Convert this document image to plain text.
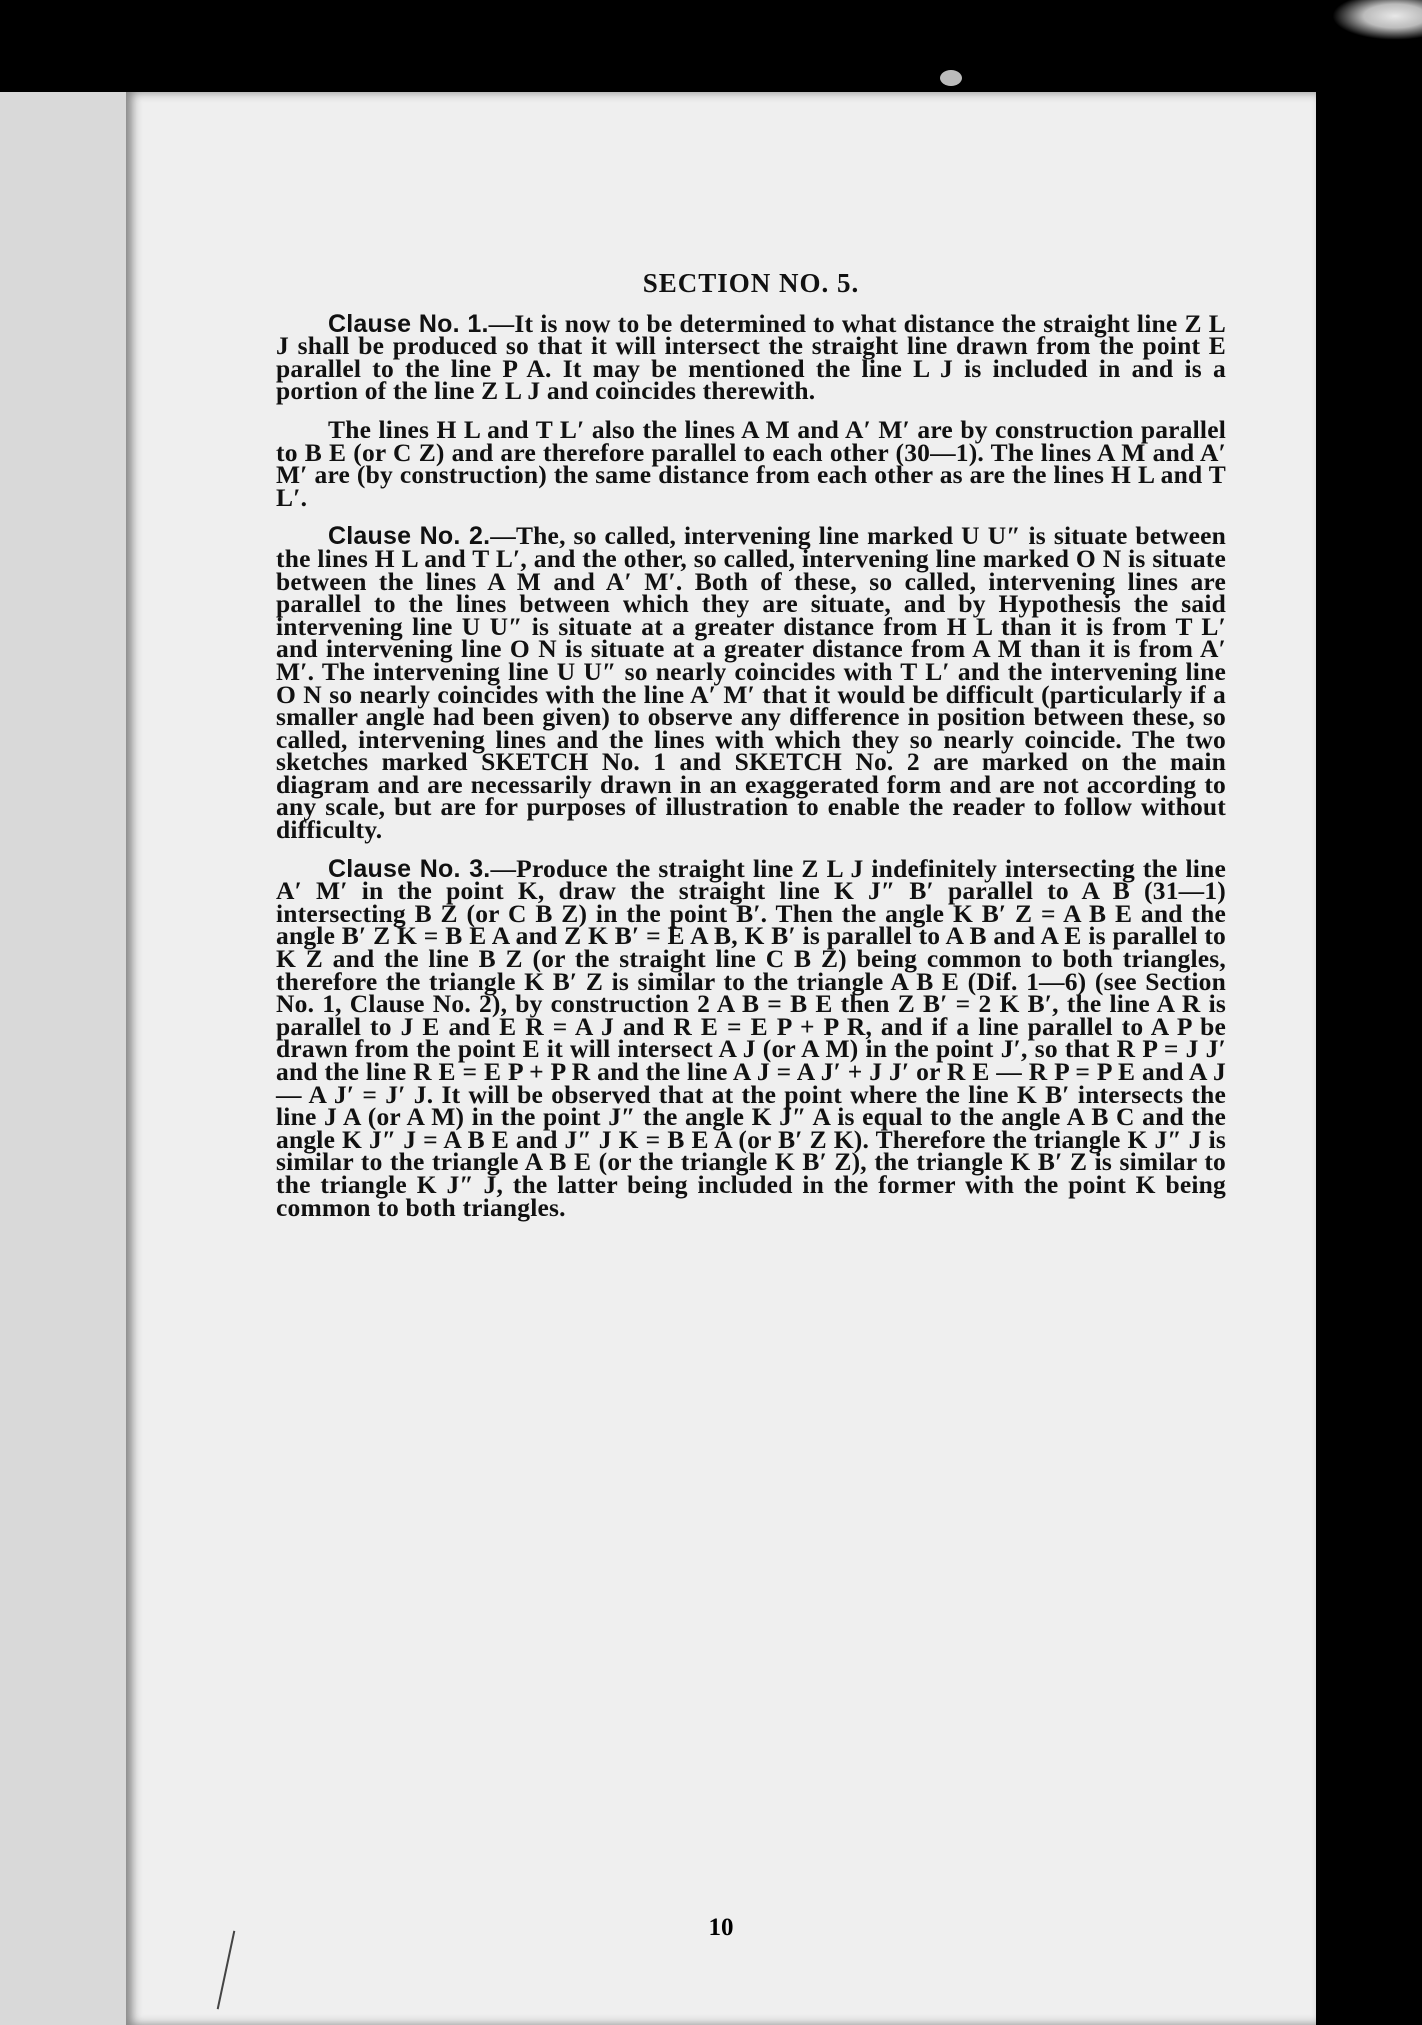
SECTION NO. 5.

Clause No. 1.—It is now to be determined to what distance the straight line Z L J shall be produced so that it will intersect the straight line drawn from the point E parallel to the line P A. It may be mentioned the line L J is included in and is a portion of the line Z L J and coincides therewith.

The lines H L and T L′ also the lines A M and A′ M′ are by construction parallel to B E (or C Z) and are therefore parallel to each other (30—1). The lines A M and A′ M′ are (by construction) the same distance from each other as are the lines H L and T L′.

Clause No. 2.—The, so called, intervening line marked U U″ is situate between the lines H L and T L′, and the other, so called, intervening line marked O N is situate between the lines A M and A′ M′. Both of these, so called, intervening lines are parallel to the lines between which they are situate, and by Hypothesis the said intervening line U U″ is situate at a greater distance from H L than it is from T L′ and intervening line O N is situate at a greater distance from A M than it is from A′ M′. The intervening line U U″ so nearly coincides with T L′ and the intervening line O N so nearly coincides with the line A′ M′ that it would be difficult (particularly if a smaller angle had been given) to observe any difference in position between these, so called, intervening lines and the lines with which they so nearly coincide. The two sketches marked SKETCH No. 1 and SKETCH No. 2 are marked on the main diagram and are necessarily drawn in an exaggerated form and are not according to any scale, but are for purposes of illustration to enable the reader to follow without difficulty.

Clause No. 3.—Produce the straight line Z L J indefinitely intersecting the line A′ M′ in the point K, draw the straight line K J″ B′ parallel to A B (31—1) intersecting B Z (or C B Z) in the point B′. Then the angle K B′ Z = A B E and the angle B′ Z K = B E A and Z K B′ = E A B, K B′ is parallel to A B and A E is parallel to K Z and the line B Z (or the straight line C B Z) being common to both triangles, therefore the triangle K B′ Z is similar to the triangle A B E (Dif. 1—6) (see Section No. 1, Clause No. 2), by construction 2 A B = B E then Z B′ = 2 K B′, the line A R is parallel to J E and E R = A J and R E = E P + P R, and if a line parallel to A P be drawn from the point E it will intersect A J (or A M) in the point J′, so that R P = J J′ and the line R E = E P + P R and the line A J = A J′ + J J′ or R E — R P = P E and A J — A J′ = J′ J. It will be observed that at the point where the line K B′ intersects the line J A (or A M) in the point J″ the angle K J″ A is equal to the angle A B C and the angle K J″ J = A B E and J″ J K = B E A (or B′ Z K). Therefore the triangle K J″ J is similar to the triangle A B E (or the triangle K B′ Z), the triangle K B′ Z is similar to the triangle K J″ J, the latter being included in the former with the point K being common to both triangles.

10
